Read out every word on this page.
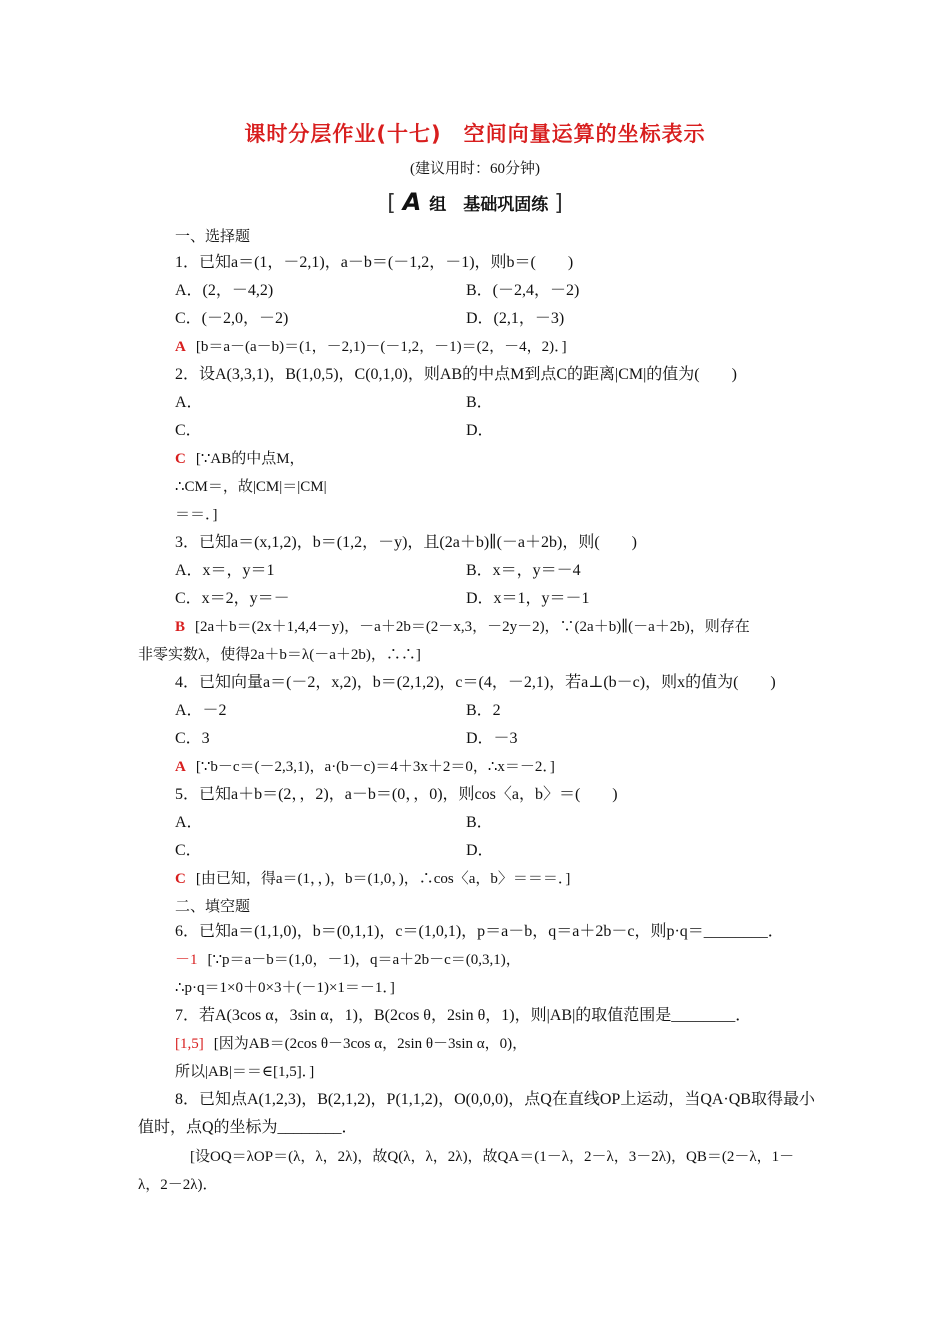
课时分层作业(十七)　空间向量运算的坐标表示
(建议用时：60分钟)
[ A 组　基础巩固练 ]
一、选择题
1．已知a＝(1，－2,1)，a－b＝(－1,2，－1)，则b＝(　　)
A．(2，－4,2)	B．(－2,4，－2)
C．(－2,0，－2)	D．(2,1，－3)
A [b＝a－(a－b)＝(1，－2,1)－(－1,2，－1)＝(2，－4，2)．]
2．设A(3,3,1)，B(1,0,5)，C(0,1,0)，则AB的中点M到点C的距离|CM|的值为(　　)
A．	B．
C．	D．
C [∵AB的中点M，
∴CM＝，故|CM|＝|CM|
＝＝．]
3．已知a＝(x,1,2)，b＝(1,2，－y)，且(2a＋b)∥(－a＋2b)，则(　　)
A．x＝，y＝1	B．x＝，y＝－4
C．x＝2，y＝－	D．x＝1，y＝－1
B [2a＋b＝(2x＋1,4,4－y)，－a＋2b＝(2－x,3，－2y－2)，∵(2a＋b)∥(－a＋2b)，则存在
非零实数λ，使得2a＋b＝λ(－a＋2b)，∴∴]
4．已知向量a＝(－2，x,2)，b＝(2,1,2)，c＝(4，－2,1)，若a⊥(b－c)，则x的值为(　　)
A．－2	B．2
C．3	D．－3
A [∵b－c＝(－2,3,1)，a·(b－c)＝4＋3x＋2＝0，∴x＝－2．]
5．已知a＋b＝(2，，2)，a－b＝(0，，0)，则cos〈a，b〉＝(　　)
A．	B．
C．	D．
C [由已知，得a＝(1，，)，b＝(1,0，)，∴cos〈a，b〉＝＝＝．]
二、填空题
6．已知a＝(1,1,0)，b＝(0,1,1)，c＝(1,0,1)，p＝a－b，q＝a＋2b－c，则p·q＝________．
－1 [∵p＝a－b＝(1,0，－1)，q＝a＋2b－c＝(0,3,1)，
∴p·q＝1×0＋0×3＋(－1)×1＝－1．]
7．若A(3cos α，3sin α，1)，B(2cos θ，2sin θ，1)，则|AB|的取值范围是________．
[1,5] [因为AB＝(2cos θ－3cos α，2sin θ－3sin α，0)，
所以|AB|＝＝∈[1,5]．]
8．已知点A(1,2,3)，B(2,1,2)，P(1,1,2)，O(0,0,0)，点Q在直线OP上运动，当QA·QB取得最小
值时，点Q的坐标为________．
[设OQ＝λOP＝(λ，λ，2λ)，故Q(λ，λ，2λ)，故QA＝(1－λ，2－λ，3－2λ)，QB＝(2－λ，1－
λ，2－2λ)．
